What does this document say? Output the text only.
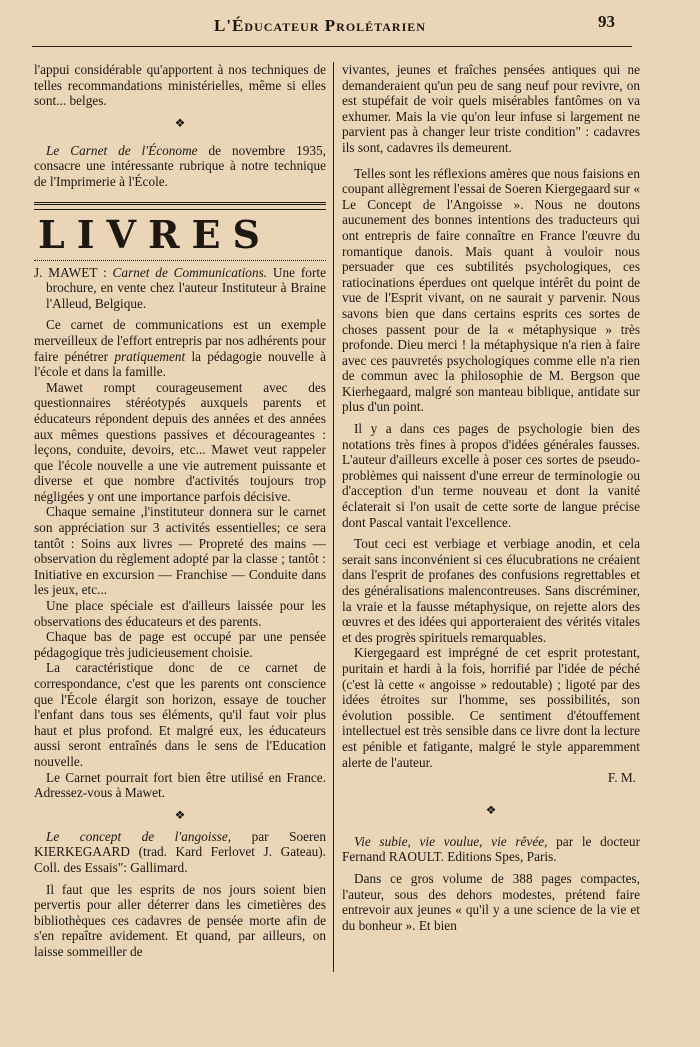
L'Éducateur Prolétarien	93

l'appui considérable qu'apportent à nos techniques de telles recommandations ministérielles, même si elles sont... belges.

❖

Le Carnet de l'Économe de novembre 1935, consacre une intéressante rubrique à notre technique de l'Imprimerie à l'École.

LIVRES

J. MAWET : Carnet de Communications. Une forte brochure, en vente chez l'auteur Instituteur à Braine l'Alleud, Belgique.

Ce carnet de communications est un exemple merveilleux de l'effort entrepris par nos adhérents pour faire pénétrer pratiquement la pédagogie nouvelle à l'école et dans la famille.

Mawet rompt courageusement avec des questionnaires stéréotypés auxquels parents et éducateurs répondent depuis des années et des années aux mêmes questions passives et décourageantes : leçons, conduite, devoirs, etc... Mawet veut rappeler que l'école nouvelle a une vie autrement puissante et diverse et que nombre d'activités toujours trop négligées y ont une importance parfois décisive.

Chaque semaine ,l'instituteur donnera sur le carnet son appréciation sur 3 activités essentielles; ce sera tantôt : Soins aux livres — Propreté des mains — observation du règlement adopté par la classe ; tantôt : Initiative en excursion — Franchise — Conduite dans les jeux, etc...

Une place spéciale est d'ailleurs laissée pour les observations des éducateurs et des parents.

Chaque bas de page est occupé par une pensée pédagogique très judicieusement choisie.

La caractéristique donc de ce carnet de correspondance, c'est que les parents ont conscience que l'École élargit son horizon, essaye de toucher l'enfant dans tous ses éléments, qu'il faut voir plus haut et plus profond. Et malgré eux, les éducateurs aussi seront entraînés dans le sens de l'Education nouvelle.

Le Carnet pourrait fort bien être utilisé en France. Adressez-vous à Mawet.

❖

Le concept de l'angoisse, par Soeren KIERKEGAARD (trad. Kard Ferlovet J. Gateau). Coll. des Essais": Gallimard.

Il faut que les esprits de nos jours soient bien pervertis pour aller déterrer dans les cimetières des bibliothèques ces cadavres de pensée morte afin de s'en repaître avidement. Et quand, par ailleurs, on laisse sommeiller de

vivantes, jeunes et fraîches pensées antiques qui ne demanderaient qu'un peu de sang neuf pour revivre, on est stupéfait de voir quels misérables fantômes on va exhumer. Mais la vie qu'on leur infuse si largement ne parvient pas à changer leur triste condition" : cadavres ils sont, cadavres ils demeurent.

Telles sont les réflexions amères que nous faisions en coupant allègrement l'essai de Soeren Kiergegaard sur « Le Concept de l'Angoisse ». Nous ne doutons aucunement des bonnes intentions des traducteurs qui ont entrepris de faire connaître en France l'œuvre du romantique danois. Mais quant à vouloir nous persuader que ces subtilités psychologiques, ces ratiocinations éperdues ont quelque intérêt du point de vue de l'Esprit vivant, on ne saurait y parvenir. Nous savons bien que dans certains esprits ces sortes de choses passent pour de la « métaphysique » très profonde. Dieu merci ! la métaphysique n'a rien à faire avec ces pauvretés psychologiques comme elle n'a rien de commun avec la philosophie de M. Bergson que Kierhegaard, malgré son manteau biblique, antidate sur plus d'un point.

Il y a dans ces pages de psychologie bien des notations très fines à propos d'idées générales fausses. L'auteur d'ailleurs excelle à poser ces sortes de pseudo-problèmes qui naissent d'une erreur de terminologie ou d'acception d'un terme nouveau et dont la vanité éclaterait si l'on usait de cette sorte de langue précise dont Pascal vantait l'excellence.

Tout ceci est verbiage et verbiage anodin, et cela serait sans inconvénient si ces élucubrations ne créaient dans l'esprit de profanes des confusions regrettables et des généralisations malencontreuses. Sans discréminer, la vraie et la fausse métaphysique, on rejette alors des œuvres et des idées qui apporteraient des vérités vitales et des progrès spirituels remarquables.

Kiergegaard est imprégné de cet esprit protestant, puritain et hardi à la fois, horrifié par l'idée de péché (c'est là cette « angoisse » redoutable) ; ligoté par des idées étroites sur l'homme, ses possibilités, son évolution possible. Ce sentiment d'étouffement intellectuel est très sensible dans ce livre dont la lecture est pénible et fatigante, malgré le style apparemment alerte de l'auteur.

F. M.

❖

Vie subie, vie voulue, vie rêvée, par le docteur Fernand RAOULT. Editions Spes, Paris.

Dans ce gros volume de 388 pages compactes, l'auteur, sous des dehors modestes, prétend faire entrevoir aux jeunes « qu'il y a une science de la vie et du bonheur ». Et bien
